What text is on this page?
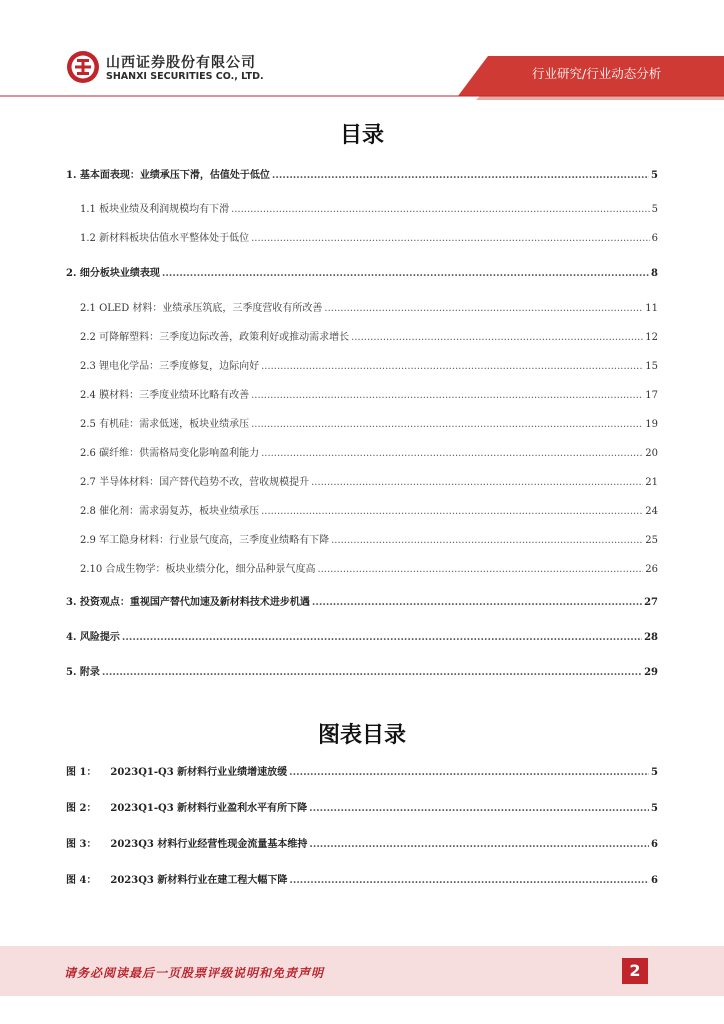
山西证券股份有限公司
SHANXI SECURITIES CO., LTD.	行业研究/行业动态分析
目录
1. 基本面表现：业绩承压下滑，估值处于低位 .....	5
1.1 板块业绩及利润规模均有下滑 .....	5
1.2 新材料板块估值水平整体处于低位 .....	6
2. 细分板块业绩表现 .....	8
2.1 OLED 材料：业绩承压筑底，三季度营收有所改善 .....	11
2.2 可降解塑料：三季度边际改善，政策利好或推动需求增长 .....	12
2.3 锂电化学品：三季度修复，边际向好 .....	15
2.4 膜材料：三季度业绩环比略有改善 .....	17
2.5 有机硅：需求低迷，板块业绩承压 .....	19
2.6 碳纤维：供需格局变化影响盈利能力 .....	20
2.7 半导体材料：国产替代趋势不改，营收规模提升 .....	21
2.8 催化剂：需求弱复苏，板块业绩承压 .....	24
2.9 军工隐身材料：行业景气度高，三季度业绩略有下降 .....	25
2.10 合成生物学：板块业绩分化，细分品种景气度高 .....	26
3. 投资观点：重视国产替代加速及新材料技术进步机遇 .....	27
4. 风险提示 .....	28
5. 附录 .....	29
图表目录
图 1：    2023Q1-Q3 新材料行业业绩增速放缓 .....	5
图 2：    2023Q1-Q3 新材料行业盈利水平有所下降 .....	5
图 3：    2023Q3 材料行业经营性现金流量基本维持 .....	6
图 4：    2023Q3 新材料行业在建工程大幅下降 .....	6
请务必阅读最后一页股票评级说明和免责声明	2
